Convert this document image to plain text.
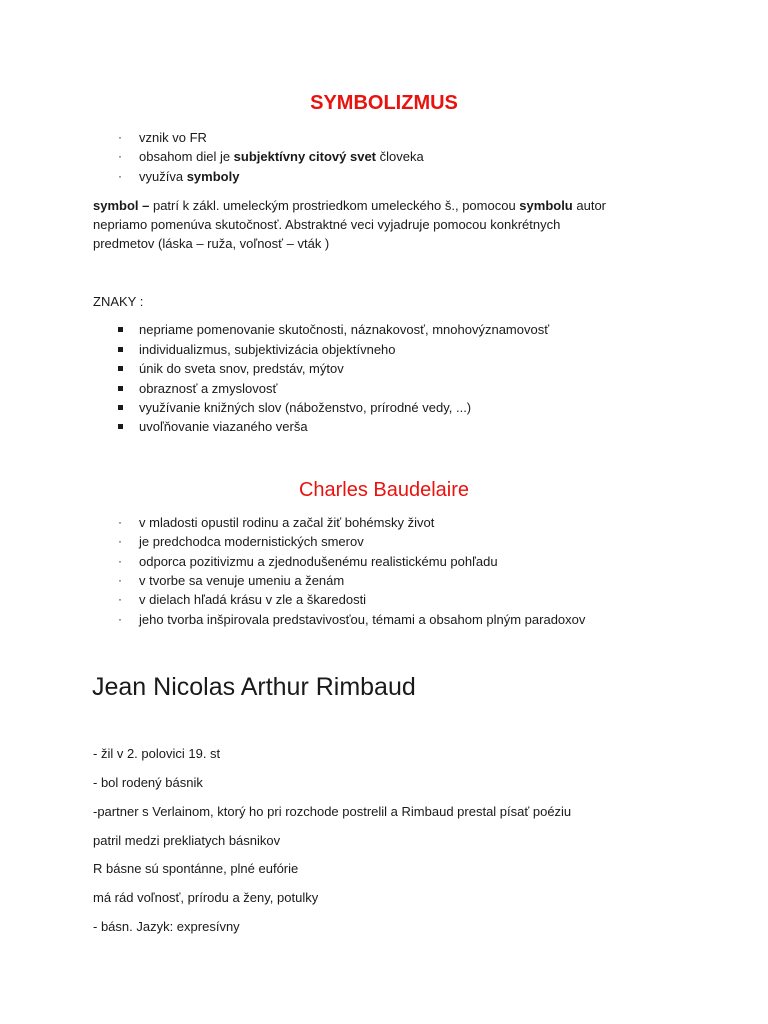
SYMBOLIZMUS
· vznik vo FR

· obsahom diel je subjektívny citový svet človeka

· využíva symboly

symbol – patrí k zákl. umeleckým prostriedkom umeleckého š., pomocou symbolu autor

nepriamo pomenúva skutočnosť. Abstraktné veci vyjadruje pomocou konkrétnych

predmetov (láska – ruža, voľnosť – vták )

ZNAKY :

nepriame pomenovanie skutočnosti, náznakovosť, mnohovýznamovosť

individualizmus, subjektivizácia objektívneho

únik do sveta snov, predstáv, mýtov

obraznosť a zmyslovosť

využívanie knižných slov (náboženstvo, prírodné vedy, ...)

uvoľňovanie viazaného verša

Charles Baudelaire
· v mladosti opustil rodinu a začal žiť bohémsky život

· je predchodca modernistických smerov

· odporca pozitivizmu a zjednodušenému realistickému pohľadu

· v tvorbe sa venuje umeniu a ženám

· v dielach hľadá krásu v zle a škaredosti

· jeho tvorba inšpirovala predstavivosťou, témami a obsahom plným paradoxov

Jean Nicolas Arthur Rimbaud

- žil v 2. polovici 19. st

- bol rodený básnik

-partner s Verlainom, ktorý ho pri rozchode postrelil a Rimbaud prestal písať poéziu

patril medzi prekliatych básnikov

R básne sú spontánne, plné eufórie

má rád voľnosť, prírodu a ženy, potulky

- básn. Jazyk: expresívny
